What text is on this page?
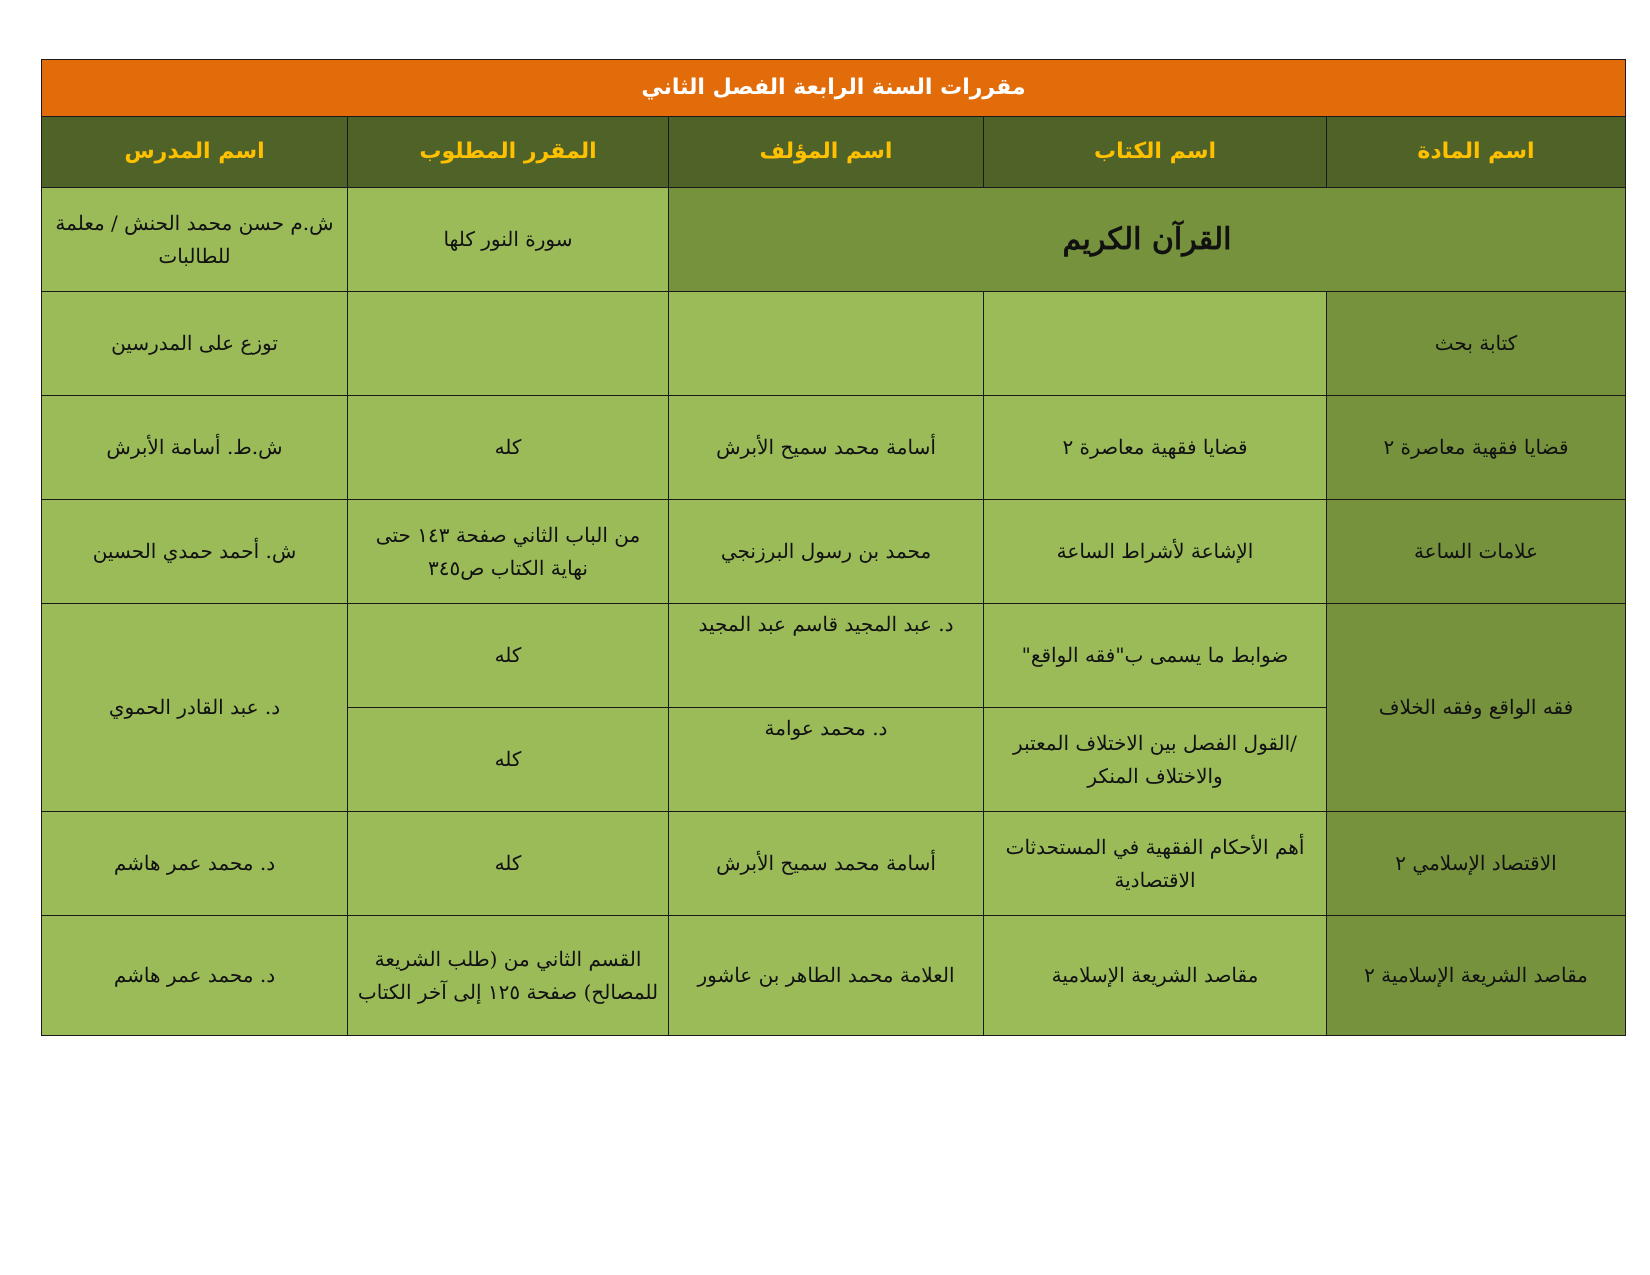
مقررات السنة الرابعة الفصل الثاني				
اسم المادة	اسم الكتاب	اسم المؤلف	المقرر المطلوب	اسم المدرس
القرآن الكريم			سورة النور كلها	ش.م حسن محمد الحنش / معلمة للطالبات
كتابة بحث				توزع على المدرسين
قضايا فقهية معاصرة ٢	قضايا فقهية معاصرة ٢	أسامة محمد سميح الأبرش	كله	ش.ط. أسامة الأبرش
علامات الساعة	الإشاعة لأشراط الساعة	محمد بن رسول البرزنجي	من الباب الثاني صفحة ١٤٣ حتى نهاية الكتاب ص٣٤٥	ش. أحمد حمدي الحسين
فقه الواقع وفقه الخلاف	ضوابط ما يسمى ب"فقه الواقع"	د. عبد المجيد قاسم عبد المجيد	كله	د. عبد القادر الحموي
	/القول الفصل بين الاختلاف المعتبر والاختلاف المنكر	د. محمد عوامة	كله	
الاقتصاد الإسلامي ٢	أهم الأحكام الفقهية في المستحدثات الاقتصادية	أسامة محمد سميح الأبرش	كله	د. محمد عمر هاشم
مقاصد الشريعة الإسلامية ٢	مقاصد الشريعة الإسلامية	العلامة محمد الطاهر بن عاشور	القسم الثاني من (طلب الشريعة للمصالح) صفحة ١٢٥ إلى آخر الكتاب	د. محمد عمر هاشم
